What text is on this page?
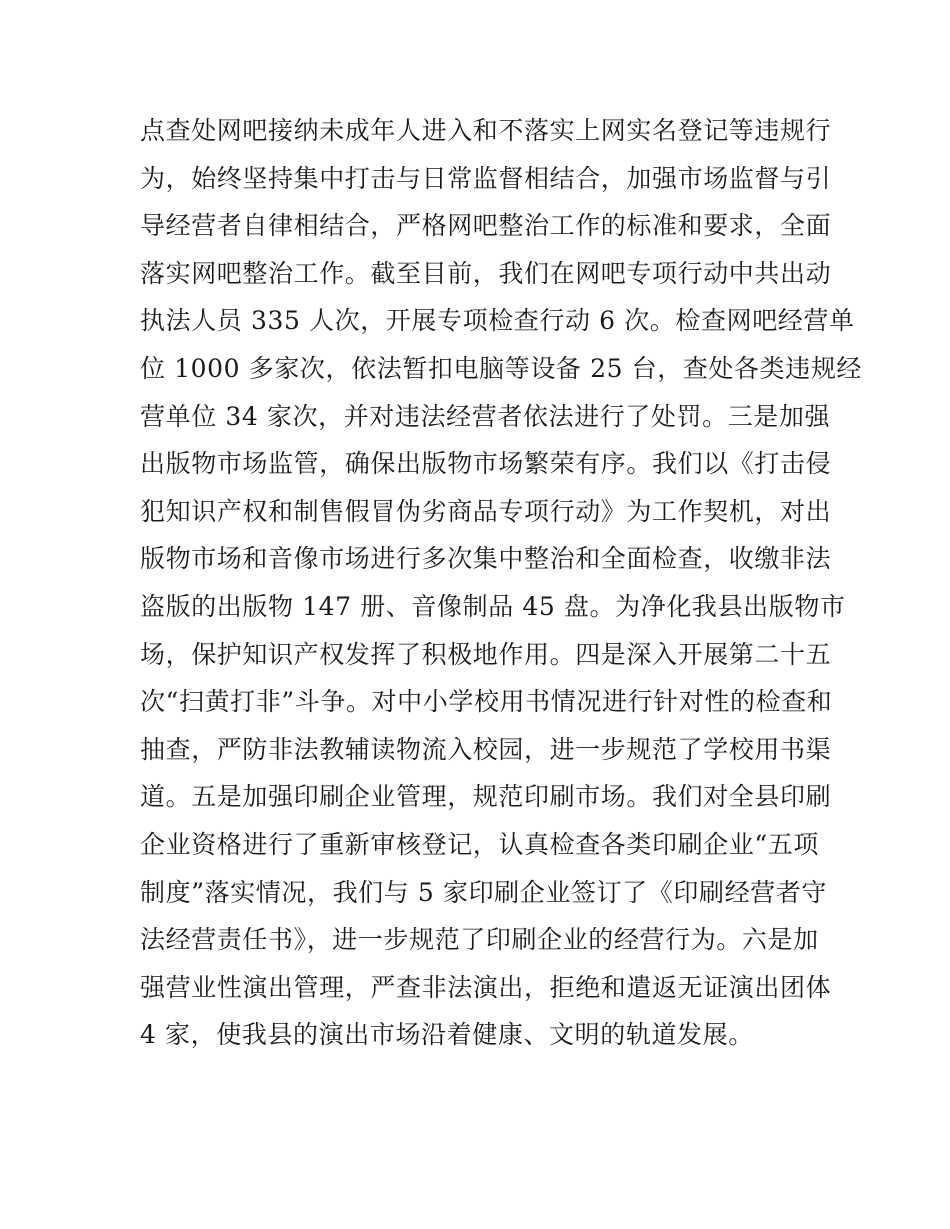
点查处网吧接纳未成年人进入和不落实上网实名登记等违规行
为，始终坚持集中打击与日常监督相结合，加强市场监督与引
导经营者自律相结合，严格网吧整治工作的标准和要求，全面
落实网吧整治工作。截至目前，我们在网吧专项行动中共出动
执法人员 335 人次，开展专项检查行动 6 次。检查网吧经营单
位 1000 多家次，依法暂扣电脑等设备 25 台，查处各类违规经
营单位 34 家次，并对违法经营者依法进行了处罚。三是加强
出版物市场监管，确保出版物市场繁荣有序。我们以《打击侵
犯知识产权和制售假冒伪劣商品专项行动》为工作契机，对出
版物市场和音像市场进行多次集中整治和全面检查，收缴非法
盗版的出版物 147 册、音像制品 45 盘。为净化我县出版物市
场，保护知识产权发挥了积极地作用。四是深入开展第二十五
次“扫黄打非”斗争。对中小学校用书情况进行针对性的检查和
抽查，严防非法教辅读物流入校园，进一步规范了学校用书渠
道。五是加强印刷企业管理，规范印刷市场。我们对全县印刷
企业资格进行了重新审核登记，认真检查各类印刷企业“五项
制度”落实情况，我们与 5 家印刷企业签订了《印刷经营者守
法经营责任书》，进一步规范了印刷企业的经营行为。六是加
强营业性演出管理，严查非法演出，拒绝和遣返无证演出团体
4 家，使我县的演出市场沿着健康、文明的轨道发展。
